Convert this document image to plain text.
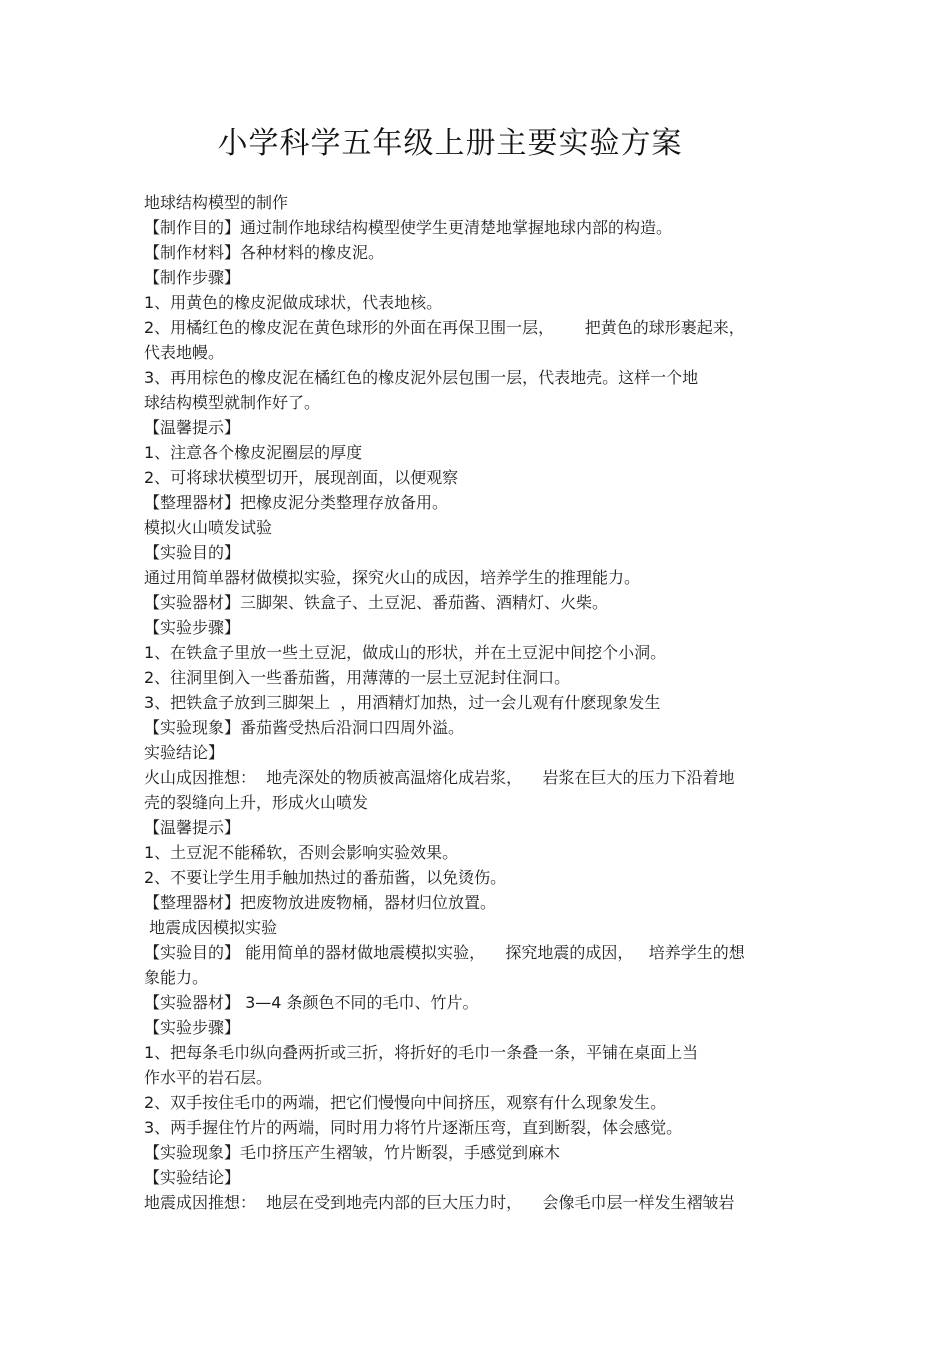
小学科学五年级上册主要实验方案
地球结构模型的制作
【制作目的】通过制作地球结构模型使学生更清楚地掌握地球内部的构造。
【制作材料】各种材料的橡皮泥。
【制作步骤】
1、用黄色的橡皮泥做成球状，代表地核。
2、用橘红色的橡皮泥在黄色球形的外面在再保卫围一层，      把黄色的球形裹起来，
代表地幔。
3、再用棕色的橡皮泥在橘红色的橡皮泥外层包围一层，代表地壳。这样一个地
球结构模型就制作好了。
【温馨提示】
1、注意各个橡皮泥圈层的厚度
2、可将球状模型切开，展现剖面，以便观察
【整理器材】把橡皮泥分类整理存放备用。
模拟火山喷发试验
【实验目的】
通过用简单器材做模拟实验，探究火山的成因，培养学生的推理能力。
【实验器材】三脚架、铁盒子、土豆泥、番茄酱、酒精灯、火柴。
【实验步骤】
1、在铁盒子里放一些土豆泥，做成山的形状，并在土豆泥中间挖个小洞。
2、往洞里倒入一些番茄酱，用薄薄的一层土豆泥封住洞口。
3、把铁盒子放到三脚架上  ，用酒精灯加热，过一会儿观有什麽现象发生
【实验现象】番茄酱受热后沿洞口四周外溢。
实验结论】
火山成因推想：  地壳深处的物质被高温熔化成岩浆，    岩浆在巨大的压力下沿着地
壳的裂缝向上升，形成火山喷发
【温馨提示】
1、土豆泥不能稀软，否则会影响实验效果。
2、不要让学生用手触加热过的番茄酱，以免烫伤。
【整理器材】把废物放进废物桶，器材归位放置。
地震成因模拟实验
【实验目的】 能用简单的器材做地震模拟实验，    探究地震的成因，   培养学生的想
象能力。
【实验器材】 3—4 条颜色不同的毛巾、竹片。
【实验步骤】
1、把每条毛巾纵向叠两折或三折，将折好的毛巾一条叠一条，平铺在桌面上当
作水平的岩石层。
2、双手按住毛巾的两端，把它们慢慢向中间挤压，观察有什么现象发生。
3、两手握住竹片的两端，同时用力将竹片逐渐压弯，直到断裂，体会感觉。
【实验现象】毛巾挤压产生褶皱，竹片断裂，手感觉到麻木
【实验结论】
地震成因推想：  地层在受到地壳内部的巨大压力时，    会像毛巾层一样发生褶皱岩
